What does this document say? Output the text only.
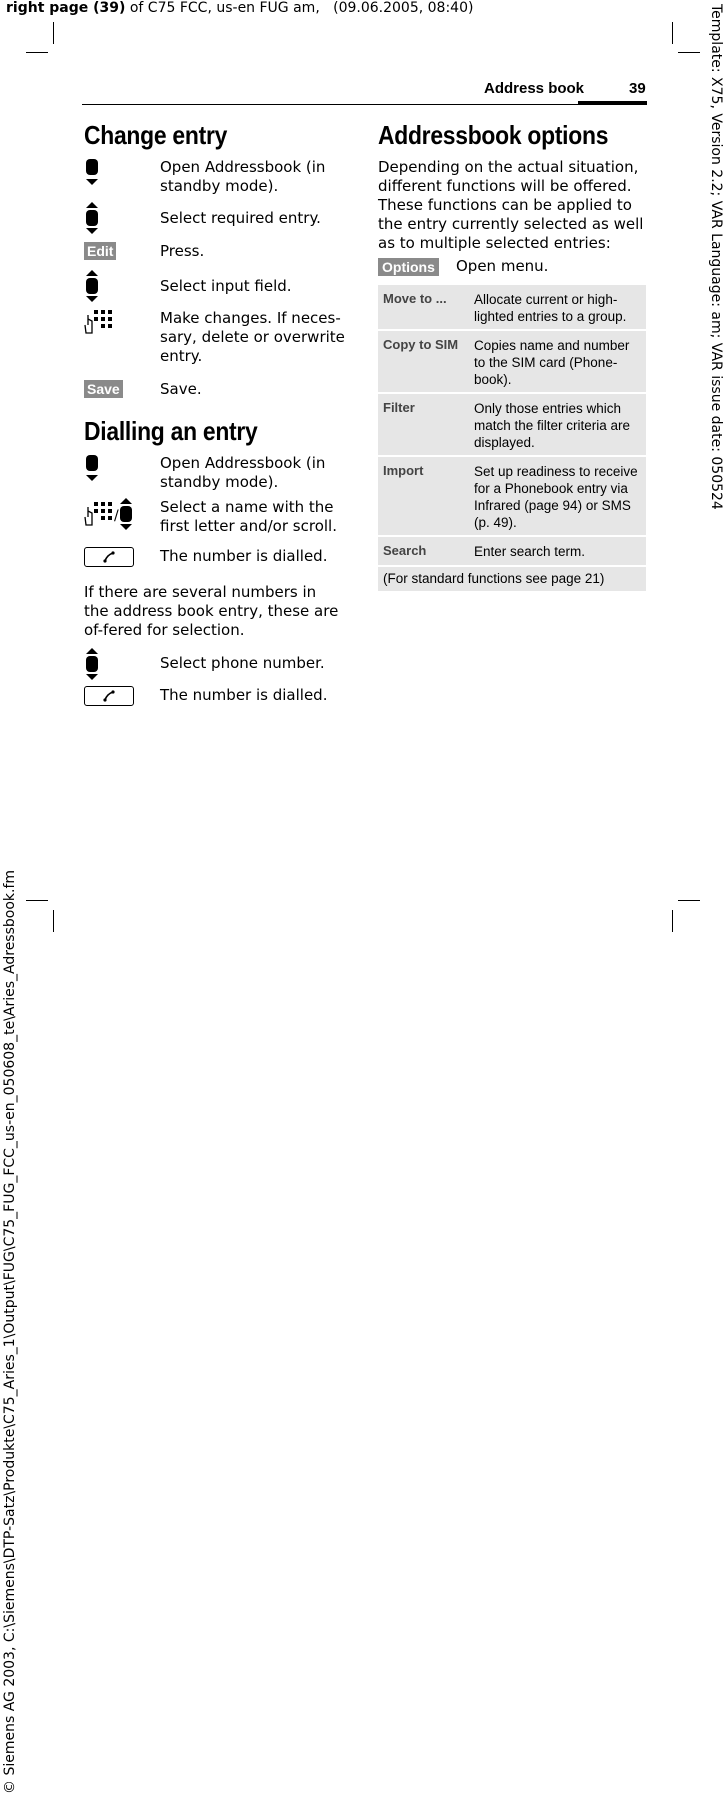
right page (39) of C75 FCC, us-en FUG am,   (09.06.2005, 08:40)	Template: X75, Version 2.2; VAR Language: am; VAR issue date: 050524
© Siemens AG 2003, C:\Siemens\DTP-Satz\Produkte\C75_Aries_1\Output\FUG\C75_FUG_FCC_us-en_050608_te\Aries_Adressbook.fm
Address book	39
Change entry
Open Addressbook (in standby mode).
Select required entry.
Edit	Press.
Select input field.
Make changes. If neces-sary, delete or overwrite entry.
Save	Save.
Dialling an entry
Open Addressbook (in standby mode).
/	Select a name with the first letter and/or scroll.
The number is dialled.
If there are several numbers in the address book entry, these are of-fered for selection.
Select phone number.
The number is dialled.
Addressbook options
Depending on the actual situation, different functions will be offered. These functions can be applied to the entry currently selected as well as to multiple selected entries:
Options Open menu.
Move to ... Allocate current or high-lighted entries to a group.
Copy to SIM Copies name and number to the SIM card (Phone-book).
Filter	Only those entries which match the filter criteria are displayed.
Import	Set up readiness to receive for a Phonebook entry via Infrared (page 94) or SMS (p. 49).
Search	Enter search term.
(For standard functions see page 21)
